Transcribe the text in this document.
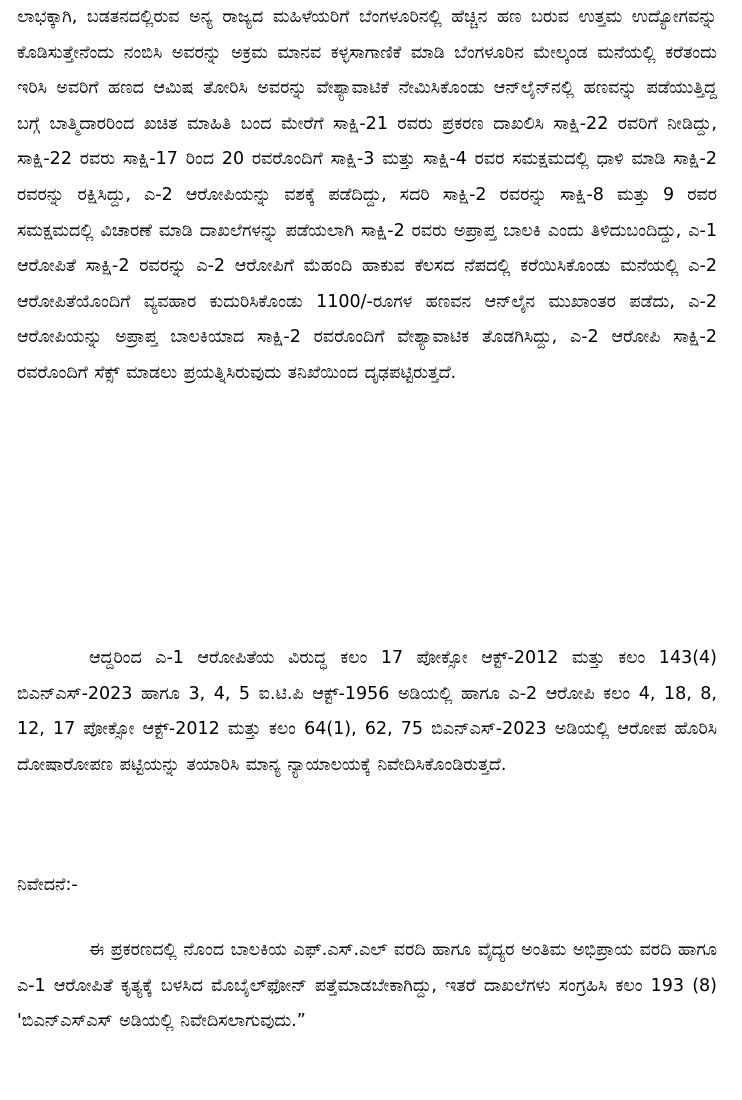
ಲಾಭಕ್ಕಾಗಿ, ಬಡತನದಲ್ಲಿರುವ ಅನ್ಯ ರಾಜ್ಯದ ಮಹಿಳೆಯರಿಗೆ ಬೆಂಗಳೂರಿನಲ್ಲಿ ಹೆಚ್ಚಿನ ಹಣ ಬರುವ ಉತ್ತಮ ಉದ್ಯೋಗವನ್ನು ಕೊಡಿಸುತ್ತೇನೆಂದು ನಂಬಿಸಿ ಅವರನ್ನು ಅಕ್ರಮ ಮಾನವ ಕಳ್ಳಸಾಗಾಣಿಕೆ ಮಾಡಿ ಬೆಂಗಳೂರಿನ ಮೇಲ್ಕಂಡ ಮನೆಯಲ್ಲಿ ಕರೆತಂದು ಇರಿಸಿ ಅವರಿಗೆ ಹಣದ ಆಮಿಷ ತೋರಿಸಿ ಅವರನ್ನು ವೇಶ್ಯಾವಾಟಿಕೆ ನೇಮಿಸಿಕೊಂಡು ಆನ್‌ಲೈನ್‌ನಲ್ಲಿ ಹಣವನ್ನು ಪಡೆಯುತ್ತಿದ್ದ ಬಗ್ಗೆ ಬಾತ್ಮಿದಾರರಿಂದ ಖಚಿತ ಮಾಹಿತಿ ಬಂದ ಮೇರೆಗೆ ಸಾಕ್ಷಿ-21 ರವರು ಪ್ರಕರಣ ದಾಖಲಿಸಿ ಸಾಕ್ಷಿ-22 ರವರಿಗೆ ನೀಡಿದ್ದು, ಸಾಕ್ಷಿ-22 ರವರು ಸಾಕ್ಷಿ-17 ರಿಂದ 20 ರವರೊಂದಿಗೆ ಸಾಕ್ಷಿ-3 ಮತ್ತು ಸಾಕ್ಷಿ-4 ರವರ ಸಮಕ್ಷಮದಲ್ಲಿ ಧಾಳಿ ಮಾಡಿ ಸಾಕ್ಷಿ-2 ರವರನ್ನು ರಕ್ಷಿಸಿದ್ದು, ಎ-2 ಆರೋಪಿಯನ್ನು ವಶಕ್ಕೆ ಪಡೆದಿದ್ದು, ಸದರಿ ಸಾಕ್ಷಿ-2 ರವರನ್ನು ಸಾಕ್ಷಿ-8 ಮತ್ತು 9 ರವರ ಸಮಕ್ಷಮದಲ್ಲಿ ವಿಚಾರಣೆ ಮಾಡಿ ದಾಖಲೆಗಳನ್ನು ಪಡೆಯಲಾಗಿ ಸಾಕ್ಷಿ-2 ರವರು ಅಪ್ರಾಪ್ತ ಬಾಲಕಿ ಎಂದು ತಿಳಿದುಬಂದಿದ್ದು, ಎ-1 ಆರೋಪಿತೆ ಸಾಕ್ಷಿ-2 ರವರನ್ನು ಎ-2 ಆರೋಪಿಗೆ ಮೆಹಂದಿ ಹಾಕುವ ಕೆಲಸದ ನೆಪದಲ್ಲಿ ಕರೆಯಿಸಿಕೊಂಡು ಮನೆಯಲ್ಲಿ ಎ-2 ಆರೋಪಿತೆಯೊಂದಿಗೆ ವ್ಯವಹಾರ ಕುದುರಿಸಿಕೊಂಡು 1100/-ರೂಗಳ ಹಣವನ ಆನ್‌ಲೈನ ಮುಖಾಂತರ ಪಡೆದು, ಎ-2 ಆರೋಪಿಯನ್ನು ಅಪ್ರಾಪ್ತ ಬಾಲಕಿಯಾದ ಸಾಕ್ಷಿ-2 ರವರೊಂದಿಗೆ ವೇಶ್ಯಾವಾಟಿಕ ತೊಡಗಿಸಿದ್ದು, ಎ-2 ಆರೋಪಿ ಸಾಕ್ಷಿ-2 ರವರೊಂದಿಗೆ ಸೆಕ್ಸ್ ಮಾಡಲು ಪ್ರಯತ್ನಿಸಿರುವುದು ತನಿಖೆಯಿಂದ ದೃಢಪಟ್ಟಿರುತ್ತದೆ.

ಆದ್ದರಿಂದ ಎ-1 ಆರೋಪಿತೆಯ ವಿರುದ್ಧ ಕಲಂ 17 ಪೋಕ್ಸೋ ಆಕ್ಟ್-2012 ಮತ್ತು ಕಲಂ 143(4) ಬಿಎನ್‌ಎಸ್-2023 ಹಾಗೂ 3, 4, 5 ಐ.ಟಿ.ಪಿ ಆಕ್ಟ್-1956 ಅಡಿಯಲ್ಲಿ ಹಾಗೂ ಎ-2 ಆರೋಪಿ ಕಲಂ 4, 18, 8, 12, 17 ಪೋಕ್ಸೋ ಆಕ್ಟ್-2012 ಮತ್ತು ಕಲಂ 64(1), 62, 75 ಬಿಎನ್‌ಎಸ್-2023 ಅಡಿಯಲ್ಲಿ ಆರೋಪ ಹೊರಿಸಿ ದೋಷಾರೋಪಣ ಪಟ್ಟಿಯನ್ನು ತಯಾರಿಸಿ ಮಾನ್ಯ ನ್ಯಾಯಾಲಯಕ್ಕೆ ನಿವೇದಿಸಿಕೊಂಡಿರುತ್ತದೆ.

ನಿವೇದನೆ:-

ಈ ಪ್ರಕರಣದಲ್ಲಿ ನೊಂದ ಬಾಲಕಿಯ ಎಫ್.ಎಸ್.ಎಲ್ ವರದಿ ಹಾಗೂ ವೈದ್ಯರ ಅಂತಿಮ ಅಭಿಪ್ರಾಯ ವರದಿ ಹಾಗೂ ಎ-1 ಆರೋಪಿತೆ ಕೃತ್ಯಕ್ಕೆ ಬಳಸಿದ ಮೊಬೈಲ್‌ಫೋನ್ ಪತ್ತೆಮಾಡಬೇಕಾಗಿದ್ದು, ಇತರೆ ದಾಖಲೆಗಳು ಸಂಗ್ರಹಿಸಿ ಕಲಂ 193 (8) 'ಬಿಎನ್‌ಎಸ್‌ಎಸ್ ಅಡಿಯಲ್ಲಿ ನಿವೇದಿಸಲಾಗುವುದು.”
